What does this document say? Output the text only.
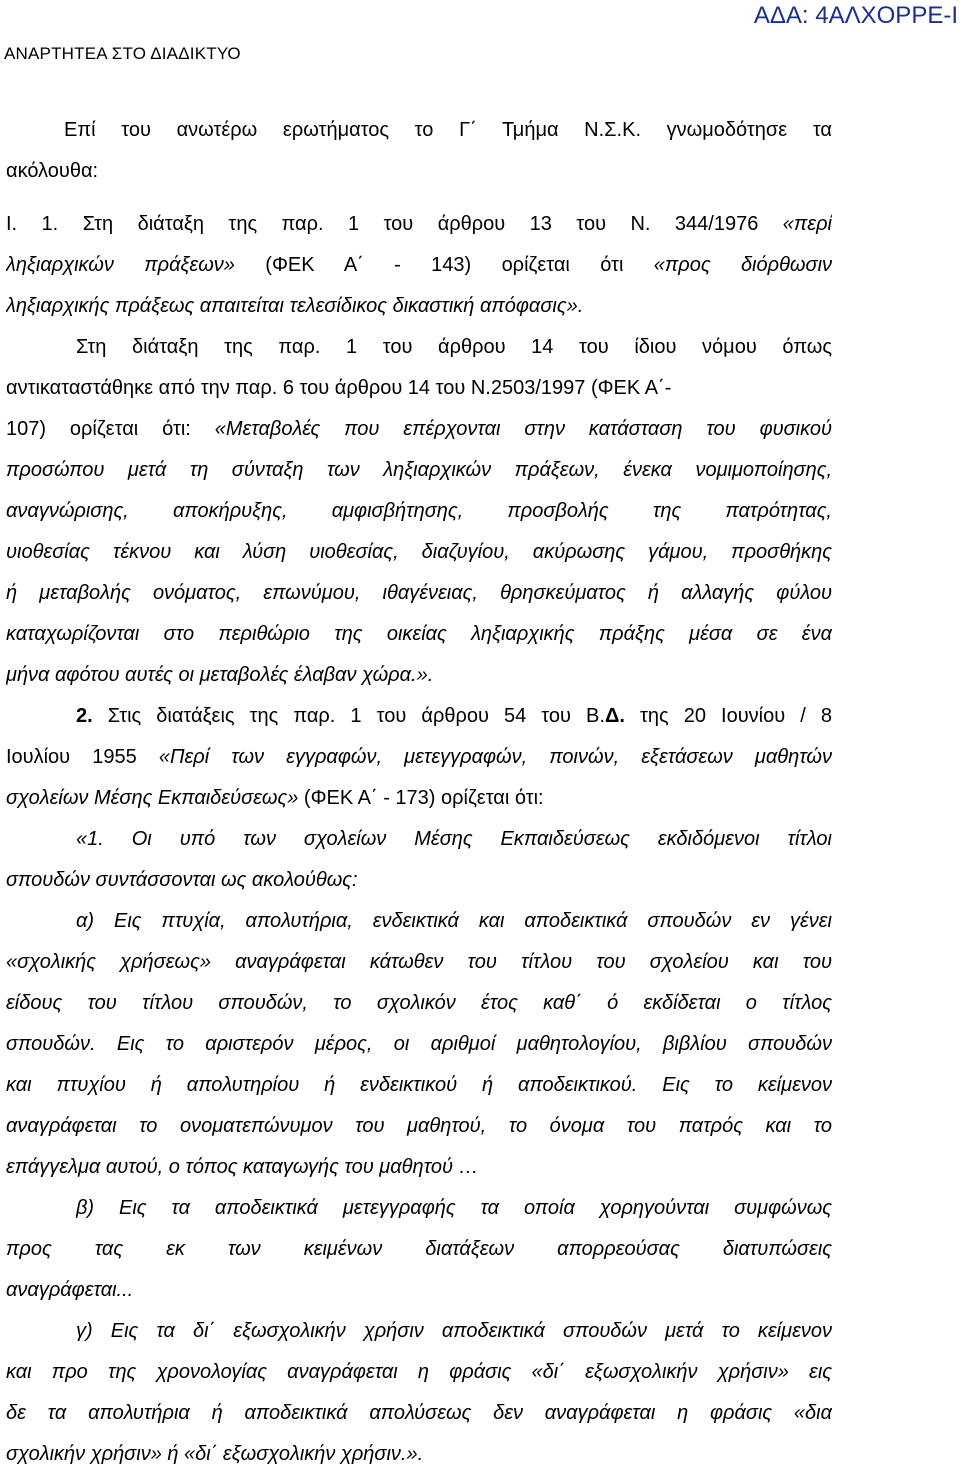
ΑΝΑΡΤΗΤΕΑ ΣΤΟ ΔΙΑΔΙΚΤΥΟ
ΑΔΑ: 4ΑΛΧΟΡΡΕ-Ι
Επί του ανωτέρω ερωτήματος το Γ΄ Τμήμα Ν.Σ.Κ. γνωμοδότησε τα
ακόλουθα:
Ι. 1. Στη διάταξη της παρ. 1 του άρθρου 13 του Ν. 344/1976 «περί
ληξιαρχικών πράξεων» (ΦΕΚ Α΄ - 143) ορίζεται ότι «προς διόρθωσιν
ληξιαρχικής πράξεως απαιτείται τελεσίδικος δικαστική απόφασις».
Στη διάταξη της παρ. 1 του άρθρου 14 του ίδιου νόμου όπως
αντικαταστάθηκε από την παρ. 6 του άρθρου 14 του Ν.2503/1997 (ΦΕΚ Α΄-
107) ορίζεται ότι: «Μεταβολές που επέρχονται στην κατάσταση του φυσικού
προσώπου μετά τη σύνταξη των ληξιαρχικών πράξεων, ένεκα νομιμοποίησης,
αναγνώρισης, αποκήρυξης, αμφισβήτησης, προσβολής της πατρότητας,
υιοθεσίας τέκνου και λύση υιοθεσίας, διαζυγίου, ακύρωσης γάμου, προσθήκης
ή μεταβολής ονόματος, επωνύμου, ιθαγένειας, θρησκεύματος ή αλλαγής φύλου
καταχωρίζονται στο περιθώριο της οικείας ληξιαρχικής πράξης μέσα σε ένα
μήνα αφότου αυτές οι μεταβολές έλαβαν χώρα.».
2. Στις διατάξεις της παρ. 1 του άρθρου 54 του Β.Δ. της 20 Ιουνίου / 8
Ιουλίου 1955 «Περί των εγγραφών, μετεγγραφών, ποινών, εξετάσεων μαθητών
σχολείων Μέσης Εκπαιδεύσεως» (ΦΕΚ Α΄ - 173) ορίζεται ότι:
«1. Οι υπό των σχολείων Μέσης Εκπαιδεύσεως εκδιδόμενοι τίτλοι
σπουδών συντάσσονται ως ακολούθως:
α) Εις πτυχία, απολυτήρια, ενδεικτικά και αποδεικτικά σπουδών εν γένει
«σχολικής χρήσεως» αναγράφεται κάτωθεν του τίτλου του σχολείου και του
είδους του τίτλου σπουδών, το σχολικόν έτος καθ΄ ό εκδίδεται ο τίτλος
σπουδών. Εις το αριστερόν μέρος, οι αριθμοί μαθητολογίου, βιβλίου σπουδών
και πτυχίου ή απολυτηρίου ή ενδεικτικού ή αποδεικτικού. Εις το κείμενον
αναγράφεται το ονοματεπώνυμον του μαθητού, το όνομα του πατρός και το
επάγγελμα αυτού, ο τόπος καταγωγής του μαθητού …
β) Εις τα αποδεικτικά μετεγγραφής τα οποία χορηγούνται συμφώνως
προς τας εκ των κειμένων διατάξεων απορρεούσας διατυπώσεις
αναγράφεται...
γ) Εις τα δι΄ εξωσχολικήν χρήσιν αποδεικτικά σπουδών μετά το κείμενον
και προ της χρονολογίας αναγράφεται η φράσις «δι΄ εξωσχολικήν χρήσιν» εις
δε τα απολυτήρια ή αποδεικτικά απολύσεως δεν αναγράφεται η φράσις «δια
σχολικήν χρήσιν» ή «δι΄ εξωσχολικήν χρήσιν.».
